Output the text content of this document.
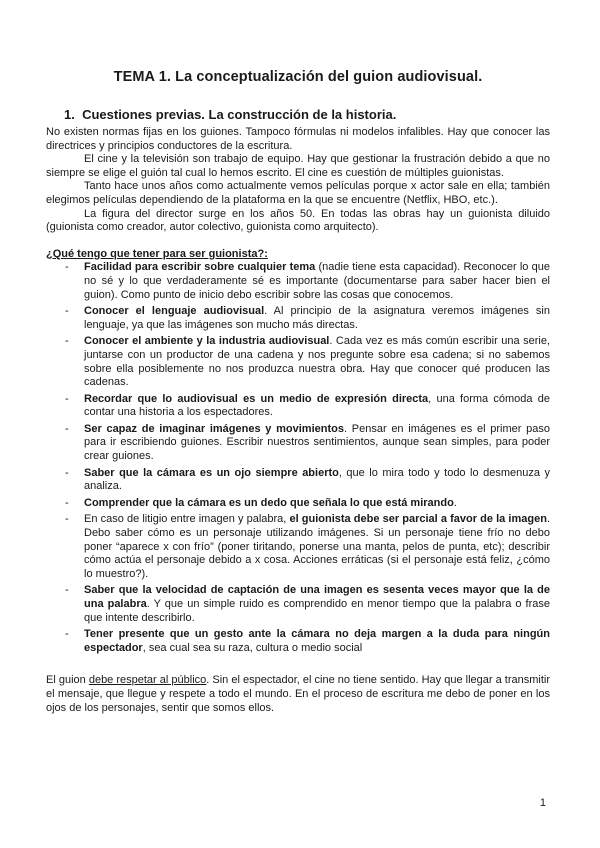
TEMA 1. La conceptualización del guion audiovisual.
1. Cuestiones previas. La construcción de la historia.

No existen normas fijas en los guiones. Tampoco fórmulas ni modelos infalibles. Hay que conocer las directrices y principios conductores de la escritura.

El cine y la televisión son trabajo de equipo. Hay que gestionar la frustración debido a que no siempre se elige el guión tal cual lo hemos escrito. El cine es cuestión de múltiples guionistas.

Tanto hace unos años como actualmente vemos películas porque x actor sale en ella; también elegimos películas dependiendo de la plataforma en la que se encuentre (Netflix, HBO, etc.).

La figura del director surge en los años 50. En todas las obras hay un guionista diluido (guionista como creador, autor colectivo, guionista como arquitecto).

¿Qué tengo que tener para ser guionista?:

- Facilidad para escribir sobre cualquier tema (nadie tiene esta capacidad). Reconocer lo que no sé y lo que verdaderamente sé es importante (documentarse para saber hacer bien el guion). Como punto de inicio debo escribir sobre las cosas que conocemos.
- Conocer el lenguaje audiovisual. Al principio de la asignatura veremos imágenes sin lenguaje, ya que las imágenes son mucho más directas.
- Conocer el ambiente y la industria audiovisual. Cada vez es más común escribir una serie, juntarse con un productor de una cadena y nos pregunte sobre esa cadena; si no sabemos sobre ella posiblemente no nos produzca nuestra obra. Hay que conocer qué producen las cadenas.
- Recordar que lo audiovisual es un medio de expresión directa, una forma cómoda de contar una historia a los espectadores.
- Ser capaz de imaginar imágenes y movimientos. Pensar en imágenes es el primer paso para ir escribiendo guiones. Escribir nuestros sentimientos, aunque sean simples, para poder crear guiones.
- Saber que la cámara es un ojo siempre abierto, que lo mira todo y todo lo desmenuza y analiza.
- Comprender que la cámara es un dedo que señala lo que está mirando.
- En caso de litigio entre imagen y palabra, el guionista debe ser parcial a favor de la imagen. Debo saber cómo es un personaje utilizando imágenes. Si un personaje tiene frío no debo poner “aparece x con frío” (poner tiritando, ponerse una manta, pelos de punta, etc); describir cómo actúa el personaje debido a x cosa. Acciones erráticas (si el personaje está feliz, ¿cómo lo muestro?).
- Saber que la velocidad de captación de una imagen es sesenta veces mayor que la de una palabra. Y que un simple ruido es comprendido en menor tiempo que la palabra o frase que intente describirlo.
- Tener presente que un gesto ante la cámara no deja margen a la duda para ningún espectador, sea cual sea su raza, cultura o medio social

El guion debe respetar al público. Sin el espectador, el cine no tiene sentido. Hay que llegar a transmitir el mensaje, que llegue y respete a todo el mundo. En el proceso de escritura me debo de poner en los ojos de los personajes, sentir que somos ellos.

1
